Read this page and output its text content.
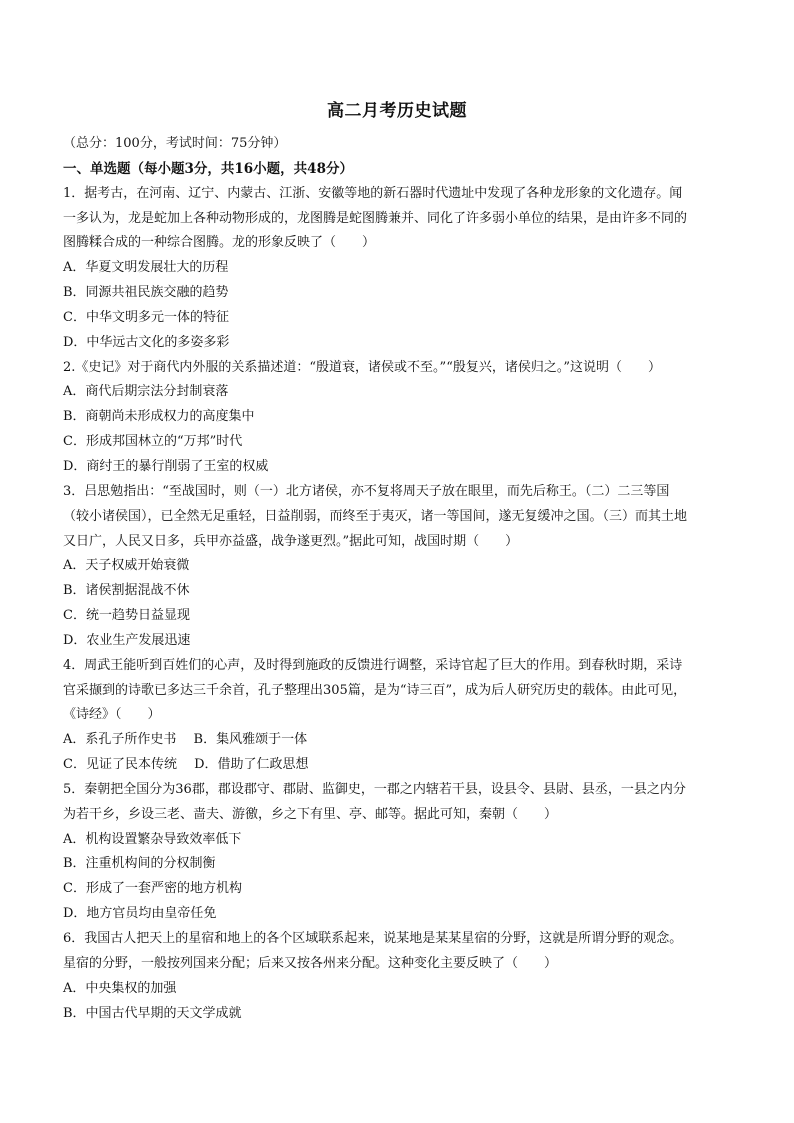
高二月考历史试题
（总分：100分，考试时间：75分钟）
一、单选题（每小题3分，共16小题，共48分）
1．据考古，在河南、辽宁、内蒙古、江浙、安徽等地的新石器时代遗址中发现了各种龙形象的文化遗存。闻
一多认为，龙是蛇加上各种动物形成的，龙图腾是蛇图腾兼并、同化了许多弱小单位的结果，是由许多不同的
图腾糅合成的一种综合图腾。龙的形象反映了（　　）
A．华夏文明发展壮大的历程
B．同源共祖民族交融的趋势
C．中华文明多元一体的特征
D．中华远古文化的多姿多彩
2.《史记》对于商代内外服的关系描述道：“殷道衰，诸侯或不至。”“殷复兴，诸侯归之。”这说明（　　）
A．商代后期宗法分封制衰落
B．商朝尚未形成权力的高度集中
C．形成邦国林立的“万邦”时代
D．商纣王的暴行削弱了王室的权威
3．吕思勉指出：“至战国时，则（一）北方诸侯，亦不复将周天子放在眼里，而先后称王。（二）二三等国
（较小诸侯国），已全然无足重轻，日益削弱，而终至于夷灭，诸一等国间，遂无复缓冲之国。（三）而其土地
又日广，人民又日多，兵甲亦益盛，战争遂更烈。”据此可知，战国时期（　　）
A．天子权威开始衰微
B．诸侯割据混战不休
C．统一趋势日益显现
D．农业生产发展迅速
4．周武王能听到百姓们的心声，及时得到施政的反馈进行调整，采诗官起了巨大的作用。到春秋时期，采诗
官采撷到的诗歌已多达三千余首，孔子整理出305篇，是为“诗三百”，成为后人研究历史的载体。由此可见，
《诗经》（　　）
A．系孔子所作史书　 B．集风雅颂于一体
C．见证了民本传统　 D．借助了仁政思想
5．秦朝把全国分为36郡，郡设郡守、郡尉、监御史，一郡之内辖若干县，设县令、县尉、县丞，一县之内分
为若干乡，乡设三老、啬夫、游徼，乡之下有里、亭、邮等。据此可知，秦朝（　　）
A．机构设置繁杂导致效率低下
B．注重机构间的分权制衡
C．形成了一套严密的地方机构
D．地方官员均由皇帝任免
6．我国古人把天上的星宿和地上的各个区域联系起来，说某地是某某星宿的分野，这就是所谓分野的观念。
星宿的分野，一般按列国来分配；后来又按各州来分配。这种变化主要反映了（　　）
A．中央集权的加强
B．中国古代早期的天文学成就
